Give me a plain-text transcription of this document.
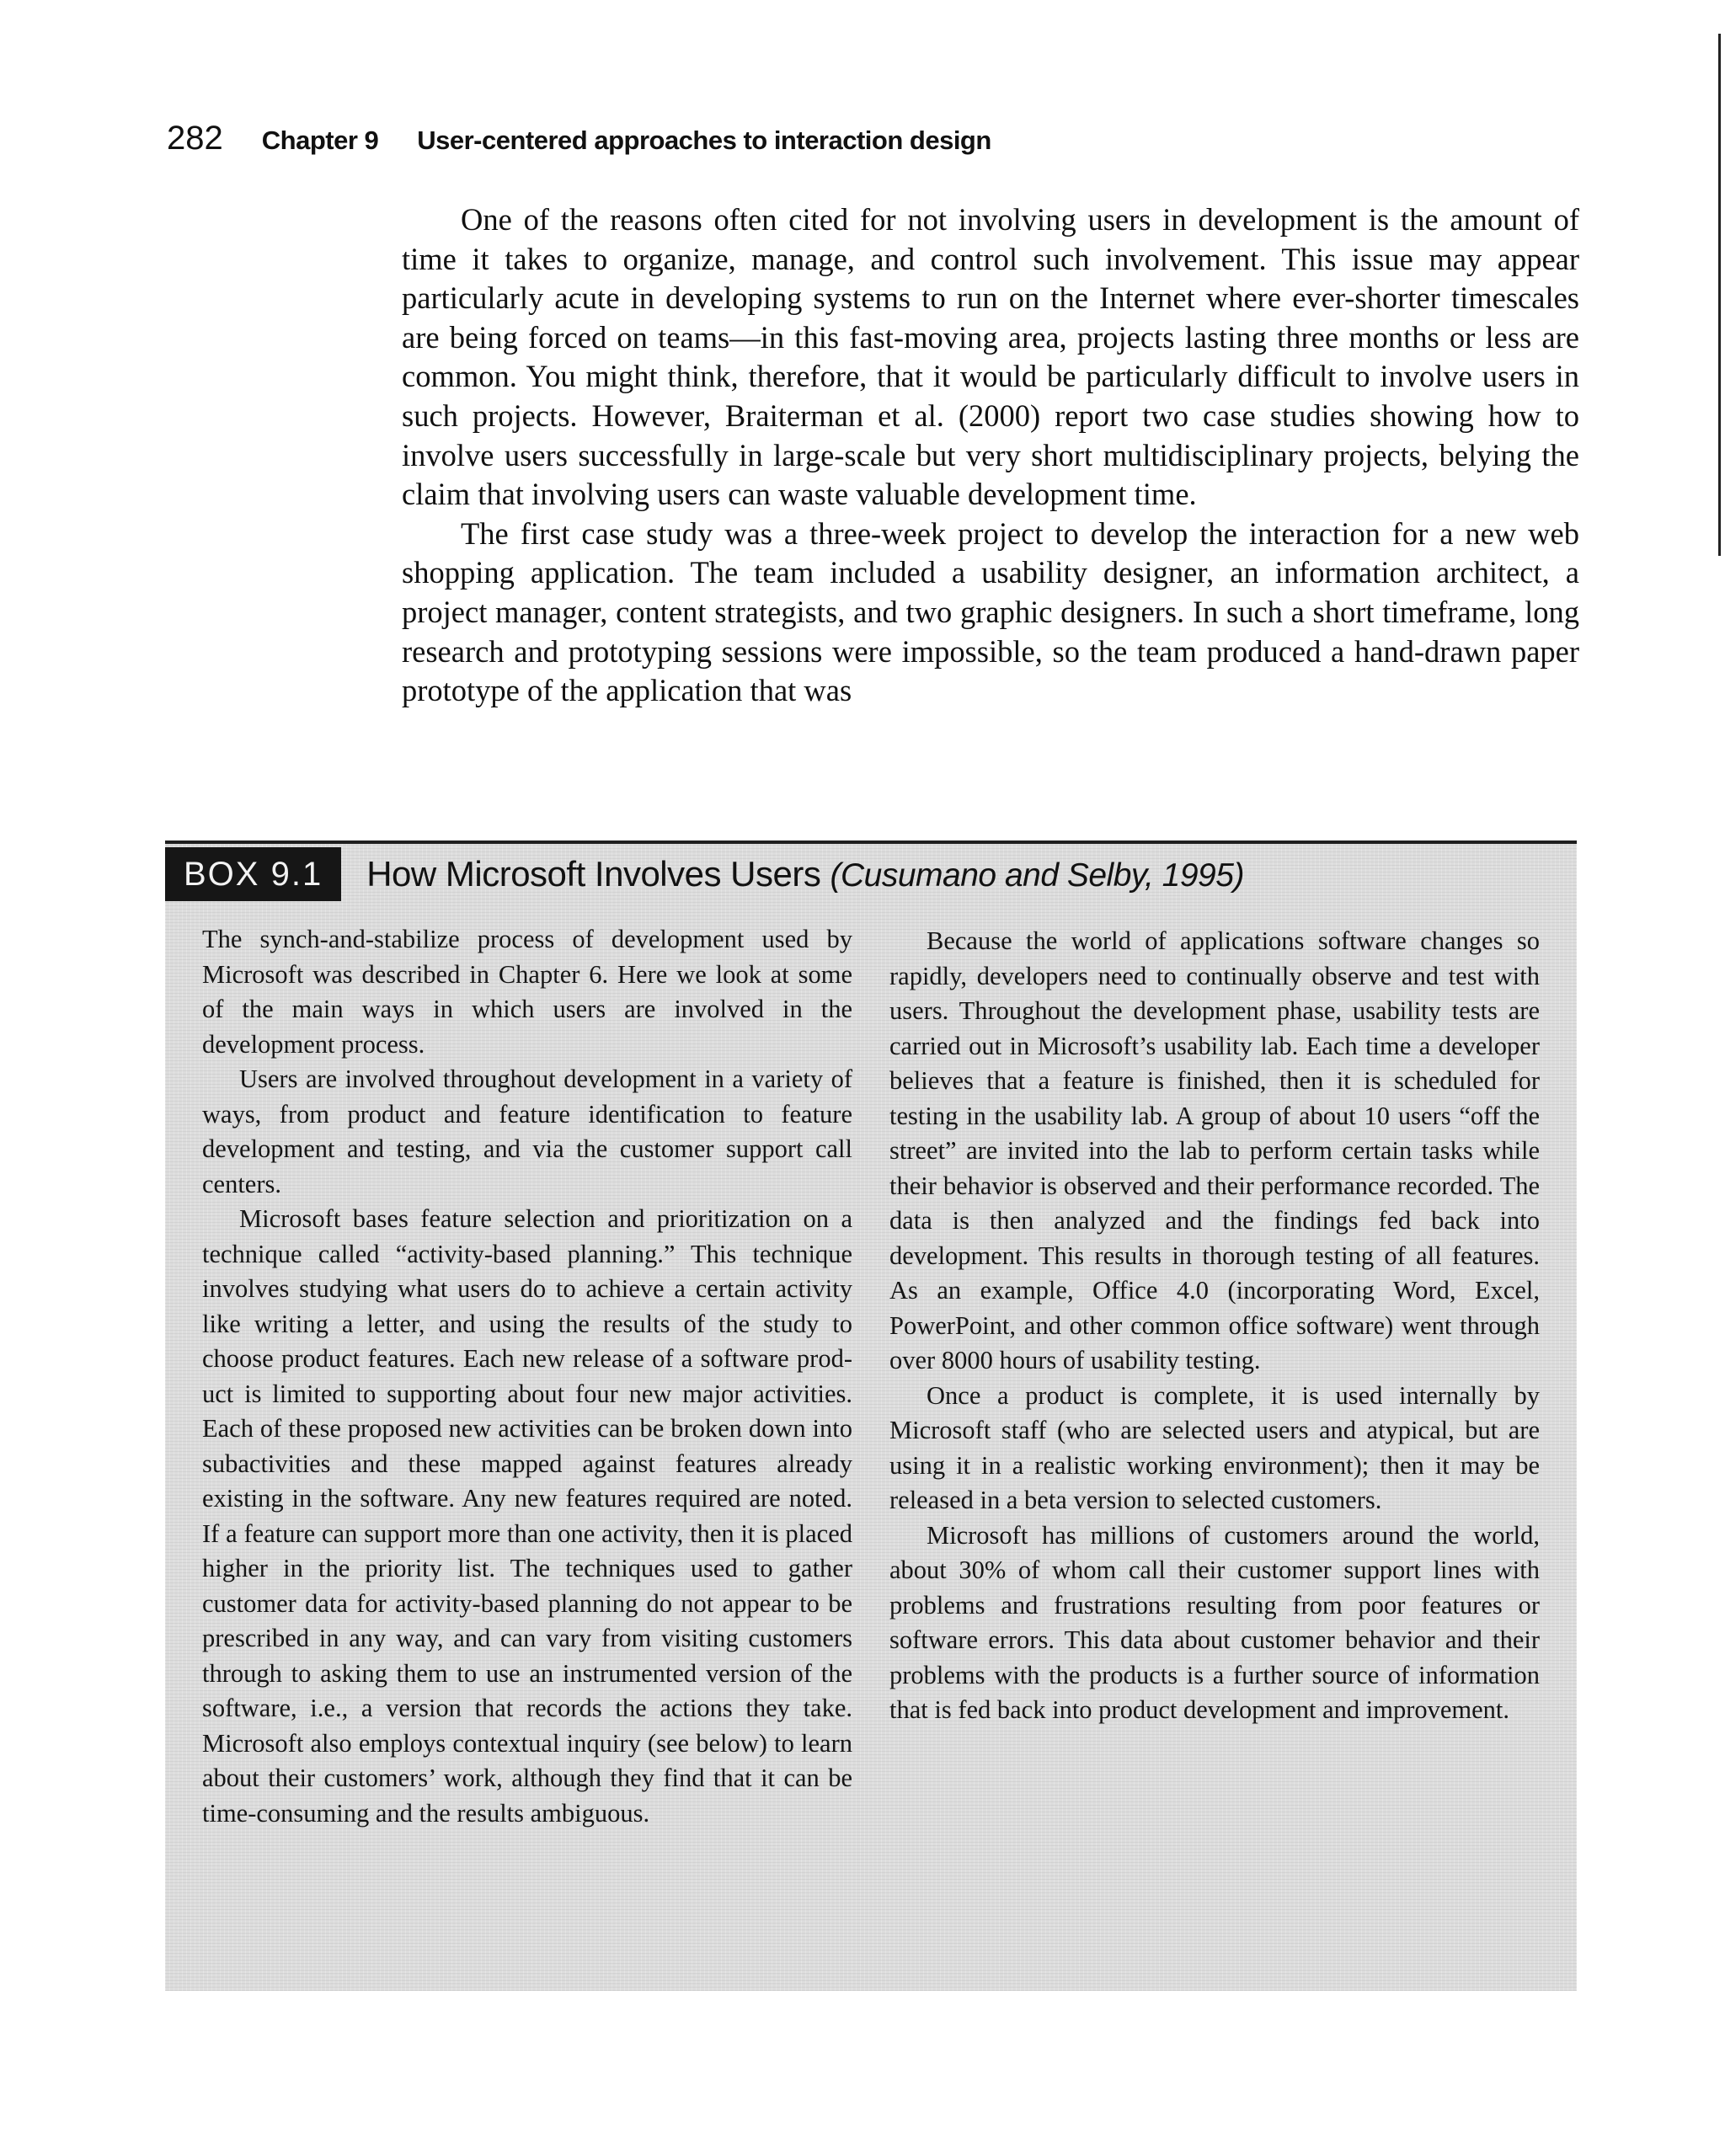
282 Chapter 9 User-centered approaches to interaction design

One of the reasons often cited for not involving users in development is the amount of time it takes to organize, manage, and control such involvement. This issue may appear particularly acute in developing systems to run on the Internet where ever-shorter timescales are being forced on teams—in this fast-moving area, projects lasting three months or less are common. You might think, therefore, that it would be particularly difficult to involve users in such projects. However, Braiterman et al. (2000) report two case studies showing how to involve users successfully in large-scale but very short multidisciplinary projects, belying the claim that involving users can waste valuable development time.

The first case study was a three-week project to develop the interaction for a new web shopping application. The team included a usability designer, an information architect, a project manager, content strategists, and two graphic designers. In such a short timeframe, long research and prototyping sessions were impossible, so the team produced a hand-drawn paper prototype of the application that was

BOX 9.1	How Microsoft Involves Users (Cusumano and Selby, 1995)

The synch-and-stabilize process of development used by Microsoft was described in Chapter 6. Here we look at some of the main ways in which users are involved in the development process.

Users are involved throughout development in a variety of ways, from product and feature identification to feature development and testing, and via the customer support call centers.

Microsoft bases feature selection and prioritization on a technique called “activity-based planning.” This technique involves studying what users do to achieve a certain activity like writing a letter, and using the results of the study to choose product features. Each new release of a software product is limited to supporting about four new major activities. Each of these proposed new activities can be broken down into subactivities and these mapped against features already existing in the software. Any new features required are noted. If a feature can support more than one activity, then it is placed higher in the priority list. The techniques used to gather customer data for activity-based planning do not appear to be prescribed in any way, and can vary from visiting customers through to asking them to use an instrumented version of the software, i.e., a version that records the actions they take. Microsoft also employs contextual inquiry (see below) to learn about their customers’ work, although they find that it can be time-consuming and the results ambiguous.

Because the world of applications software changes so rapidly, developers need to continually observe and test with users. Throughout the development phase, usability tests are carried out in Microsoft’s usability lab. Each time a developer believes that a feature is finished, then it is scheduled for testing in the usability lab. A group of about 10 users “off the street” are invited into the lab to perform certain tasks while their behavior is observed and their performance recorded. The data is then analyzed and the findings fed back into development. This results in thorough testing of all features. As an example, Office 4.0 (incorporating Word, Excel, PowerPoint, and other common office software) went through over 8000 hours of usability testing.

Once a product is complete, it is used internally by Microsoft staff (who are selected users and atypical, but are using it in a realistic working environment); then it may be released in a beta version to selected customers.

Microsoft has millions of customers around the world, about 30% of whom call their customer support lines with problems and frustrations resulting from poor features or software errors. This data about customer behavior and their problems with the products is a further source of information that is fed back into product development and improvement.
